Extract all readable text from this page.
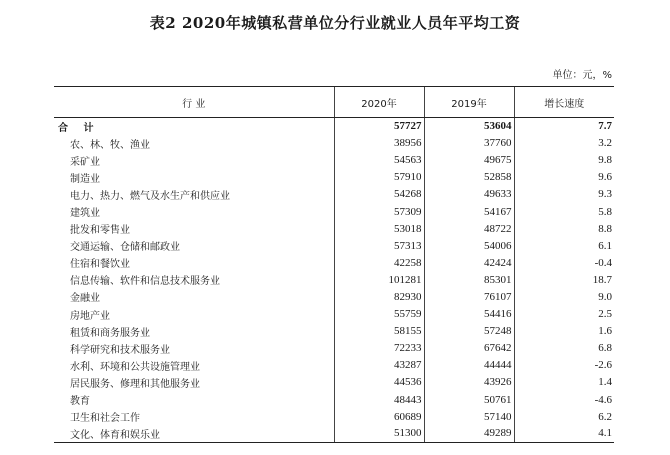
表2 2020年城镇私营单位分行业就业人员年平均工资
单位：元，%
行 业	2020年	2019年	增长速度
合 计	57727	53604	7.7
农、林、牧、渔业	38956	37760	3.2
采矿业	54563	49675	9.8
制造业	57910	52858	9.6
电力、热力、燃气及水生产和供应业	54268	49633	9.3
建筑业	57309	54167	5.8
批发和零售业	53018	48722	8.8
交通运输、仓储和邮政业	57313	54006	6.1
住宿和餐饮业	42258	42424	-0.4
信息传输、软件和信息技术服务业	101281	85301	18.7
金融业	82930	76107	9.0
房地产业	55759	54416	2.5
租赁和商务服务业	58155	57248	1.6
科学研究和技术服务业	72233	67642	6.8
水利、环境和公共设施管理业	43287	44444	-2.6
居民服务、修理和其他服务业	44536	43926	1.4
教育	48443	50761	-4.6
卫生和社会工作	60689	57140	6.2
文化、体育和娱乐业	51300	49289	4.1
